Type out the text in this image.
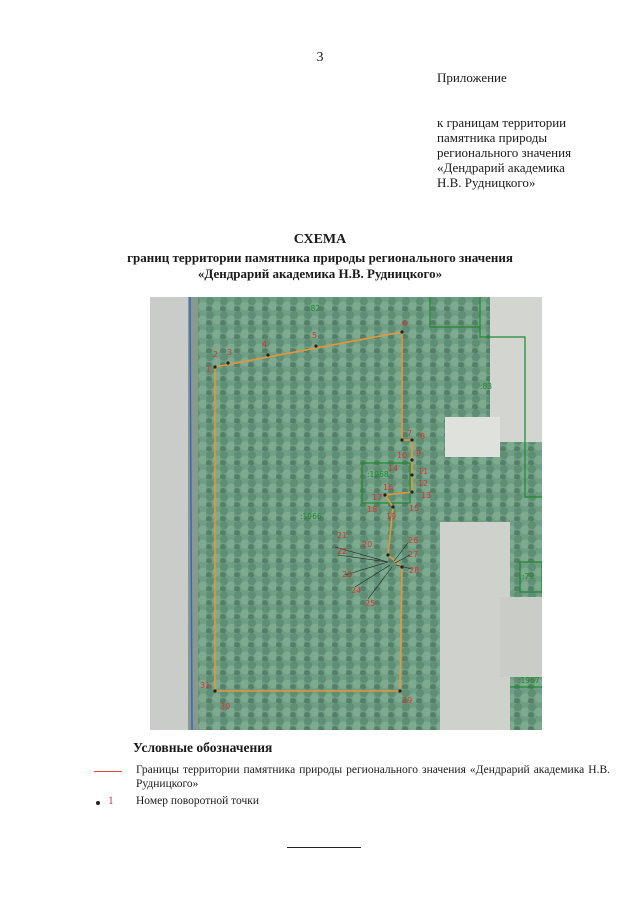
3
Приложение
к границам территории
памятника природы
регионального значения
«Дендрарий академика
Н.В. Рудницкого»
СХЕМА
границ территории памятника природы регионального значения
«Дендрарий академика Н.В. Рудницкого»
:82
:83
:1966
:1968
:79
:1967
1
2 3
4
5
6
7 8
9
10
11
12
13
14
15
16
17
18
19
20
21
22
23
24
25
26
27
28
29
30
31
Условные обозначения
Границы территории памятника природы регионального значения «Дендрарий академика Н.В. Рудницкого»
1 Номер поворотной точки
